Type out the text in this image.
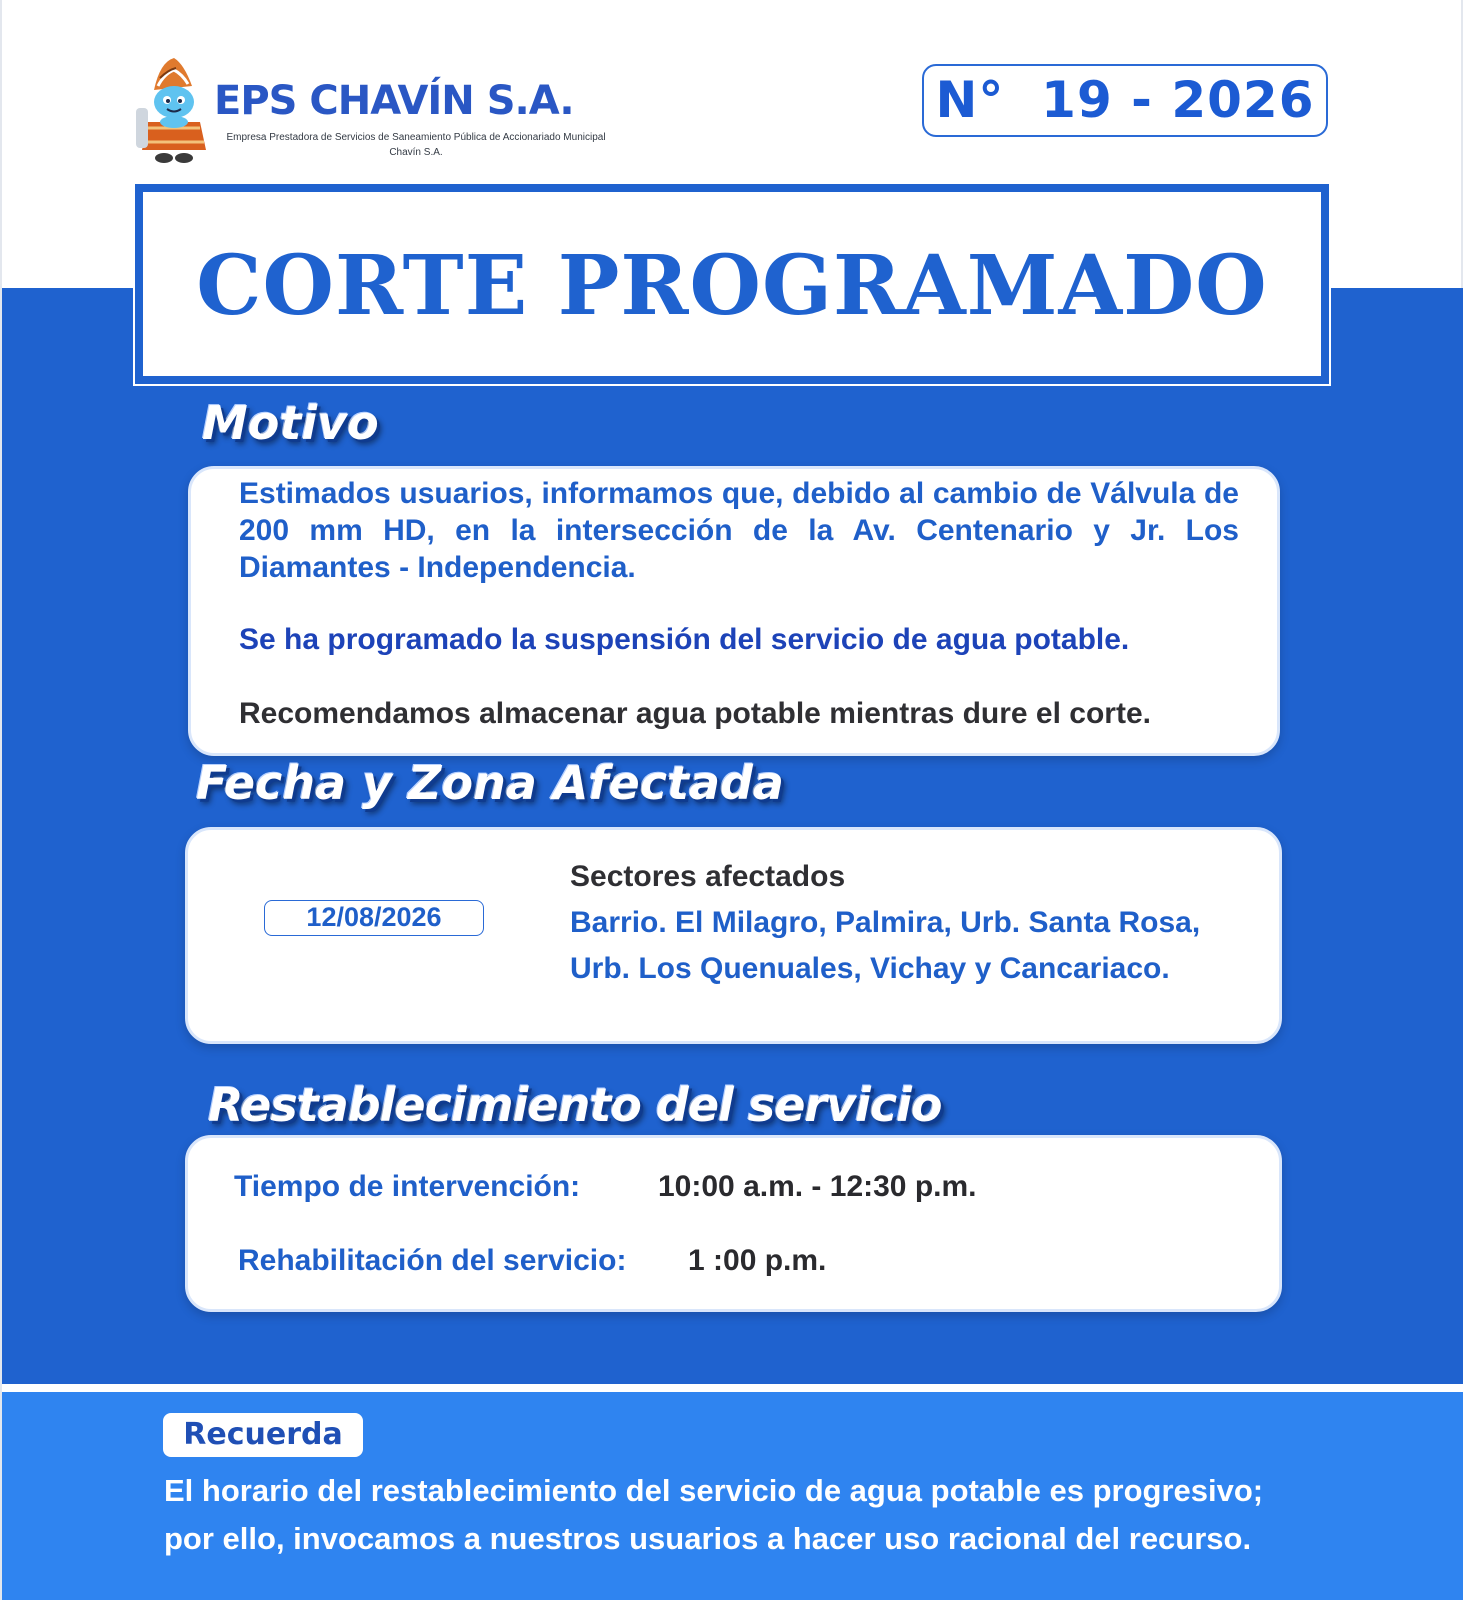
EPS CHAVÍN S.A.
Empresa Prestadora de Servicios de Saneamiento Pública de Accionariado Municipal Chavín S.A.
N°  19 - 2026
CORTE PROGRAMADO
Motivo
Estimados usuarios, informamos que, debido al cambio de Válvula de 200 mm HD, en la intersección de la Av. Centenario y Jr. Los Diamantes - Independencia.
Se ha programado la suspensión del servicio de agua potable.
Recomendamos almacenar agua potable mientras dure el corte.
Fecha y Zona Afectada
12/08/2026
Sectores afectados
Barrio. El Milagro, Palmira, Urb. Santa Rosa,
Urb. Los Quenuales, Vichay y Cancariaco.
Restablecimiento del servicio
Tiempo de intervención:	10:00 a.m. - 12:30 p.m.
Rehabilitación del servicio: 1 :00 p.m.
Recuerda
El horario del restablecimiento del servicio de agua potable es progresivo;
por ello, invocamos a nuestros usuarios a hacer uso racional del recurso.
